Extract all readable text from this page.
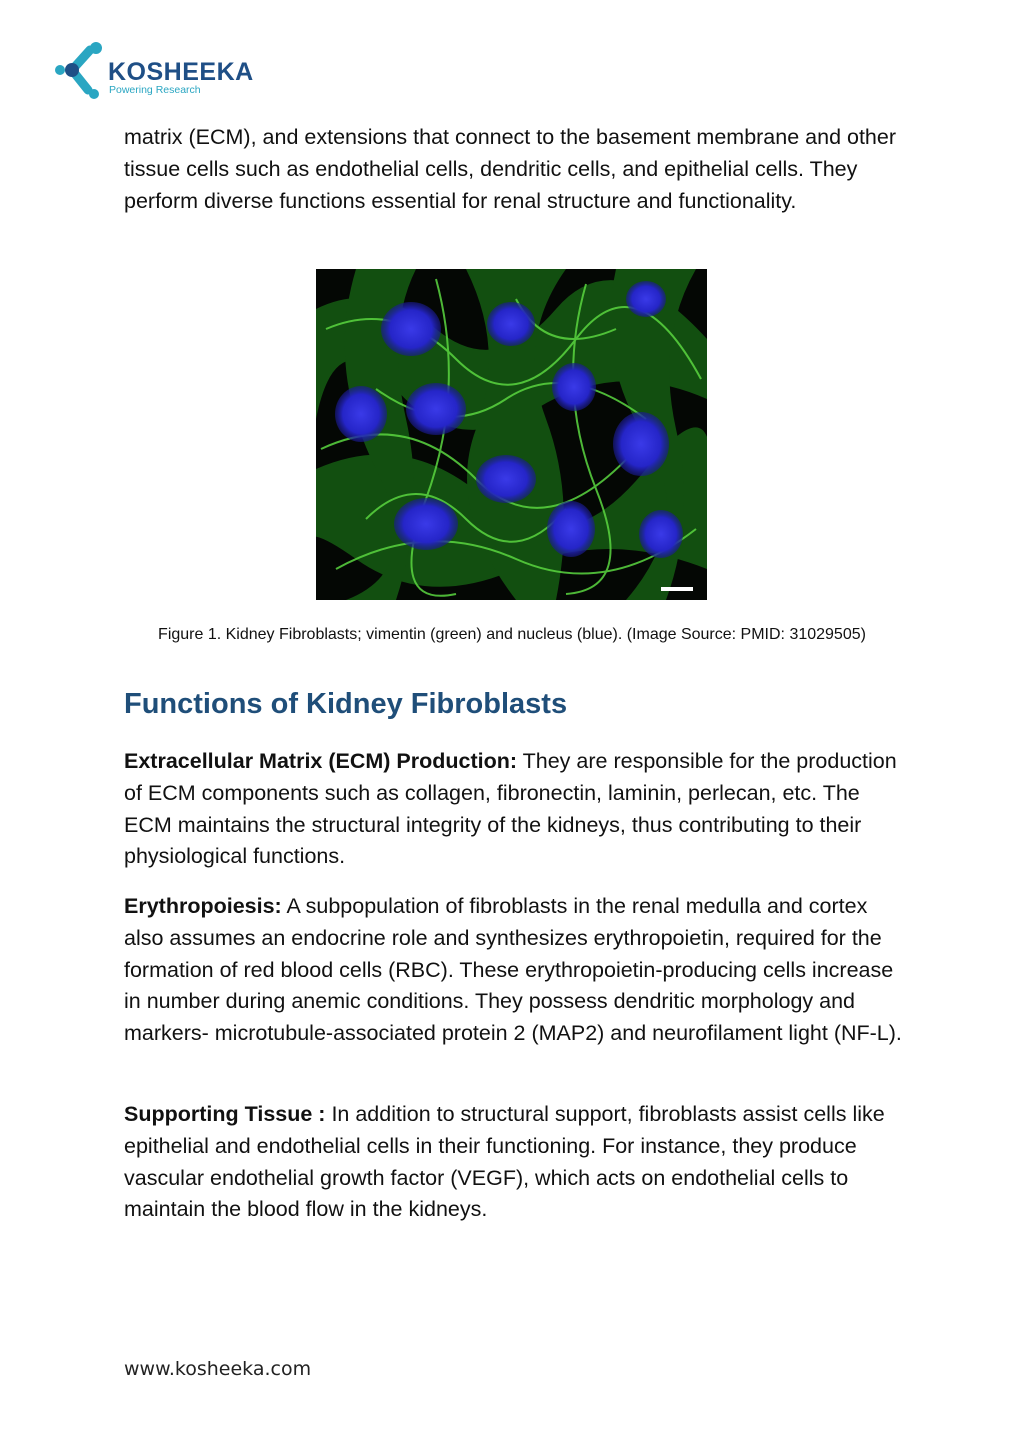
KOSHEEKA
Powering Research

matrix (ECM), and extensions that connect to the basement membrane and other tissue cells such as endothelial cells, dendritic cells, and epithelial cells. They perform diverse functions essential for renal structure and functionality.

Figure 1. Kidney Fibroblasts; vimentin (green) and nucleus (blue). (Image Source: PMID: 31029505)

Functions of Kidney Fibroblasts

Extracellular Matrix (ECM) Production: They are responsible for the production of ECM components such as collagen, fibronectin, laminin, perlecan, etc. The ECM maintains the structural integrity of the kidneys, thus contributing to their physiological functions.

Erythropoiesis: A subpopulation of fibroblasts in the renal medulla and cortex also assumes an endocrine role and synthesizes erythropoietin, required for the formation of red blood cells (RBC). These erythropoietin-producing cells increase in number during anemic conditions. They possess dendritic morphology and markers- microtubule-associated protein 2 (MAP2) and neurofilament light (NF-L).

Supporting Tissue : In addition to structural support, fibroblasts assist cells like epithelial and endothelial cells in their functioning. For instance, they produce vascular endothelial growth factor (VEGF), which acts on endothelial cells to maintain the blood flow in the kidneys.

www.kosheeka.com
